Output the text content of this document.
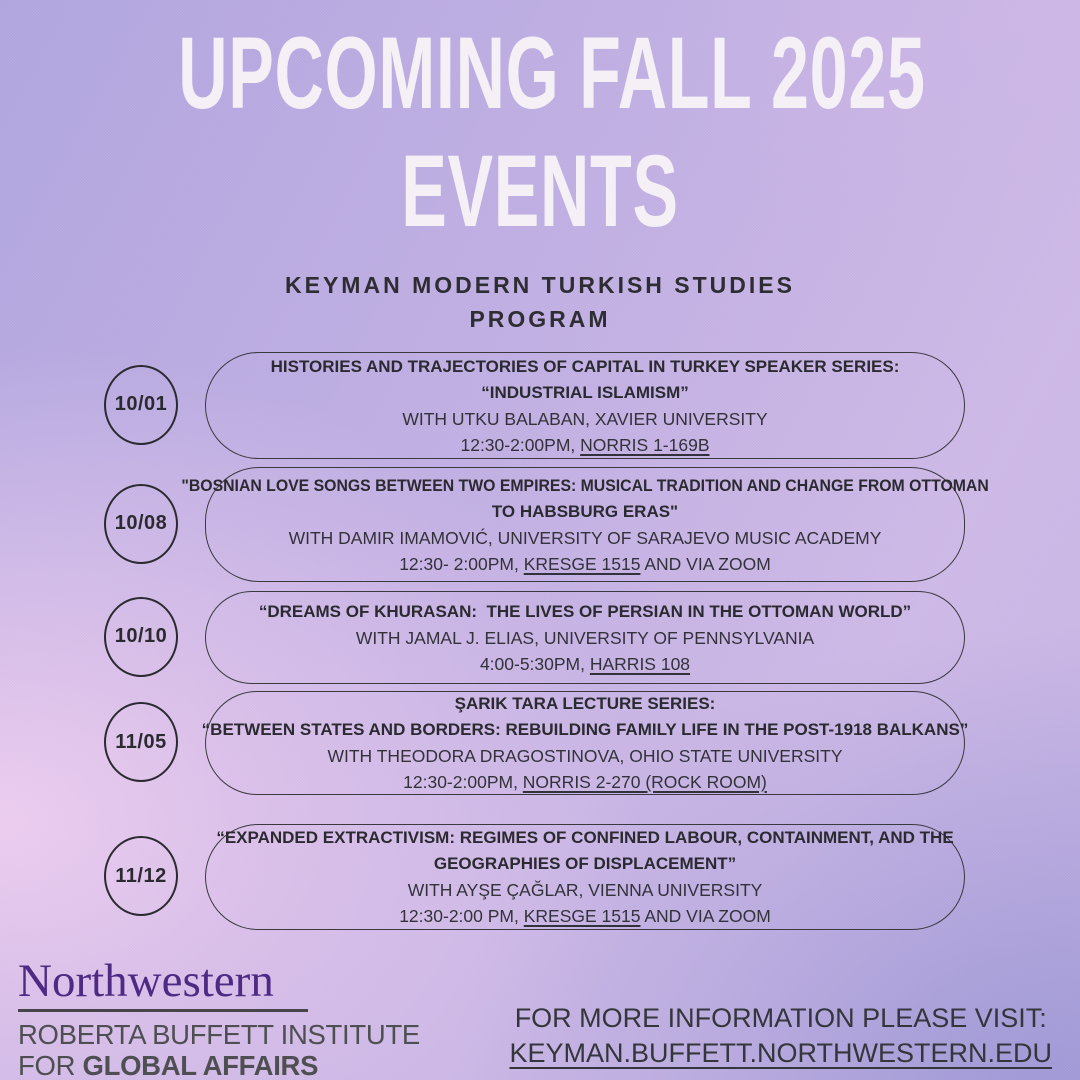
UPCOMING FALL 2025
EVENTS
KEYMAN MODERN TURKISH STUDIES
PROGRAM
10/01
HISTORIES AND TRAJECTORIES OF CAPITAL IN TURKEY SPEAKER SERIES:
“INDUSTRIAL ISLAMISM”
WITH UTKU BALABAN, XAVIER UNIVERSITY
12:30-2:00PM, NORRIS 1-169B
10/08
"BOSNIAN LOVE SONGS BETWEEN TWO EMPIRES: MUSICAL TRADITION AND CHANGE FROM OTTOMAN
TO HABSBURG ERAS"
WITH DAMIR IMAMOVIĆ, UNIVERSITY OF SARAJEVO MUSIC ACADEMY
12:30- 2:00PM, KRESGE 1515 AND VIA ZOOM
10/10
“DREAMS OF KHURASAN:  THE LIVES OF PERSIAN IN THE OTTOMAN WORLD”
WITH JAMAL J. ELIAS, UNIVERSITY OF PENNSYLVANIA
4:00-5:30PM, HARRIS 108
11/05
ŞARIK TARA LECTURE SERIES:
“BETWEEN STATES AND BORDERS: REBUILDING FAMILY LIFE IN THE POST-1918 BALKANS”
WITH THEODORA DRAGOSTINOVA, OHIO STATE UNIVERSITY
12:30-2:00PM, NORRIS 2-270 (ROCK ROOM)
11/12
“EXPANDED EXTRACTIVISM: REGIMES OF CONFINED LABOUR, CONTAINMENT, AND THE
GEOGRAPHIES OF DISPLACEMENT”
WITH AYŞE ÇAĞLAR, VIENNA UNIVERSITY
12:30-2:00 PM, KRESGE 1515 AND VIA ZOOM
Northwestern
ROBERTA BUFFETT INSTITUTE
FOR GLOBAL AFFAIRS
FOR MORE INFORMATION PLEASE VISIT:
KEYMAN.BUFFETT.NORTHWESTERN.EDU
